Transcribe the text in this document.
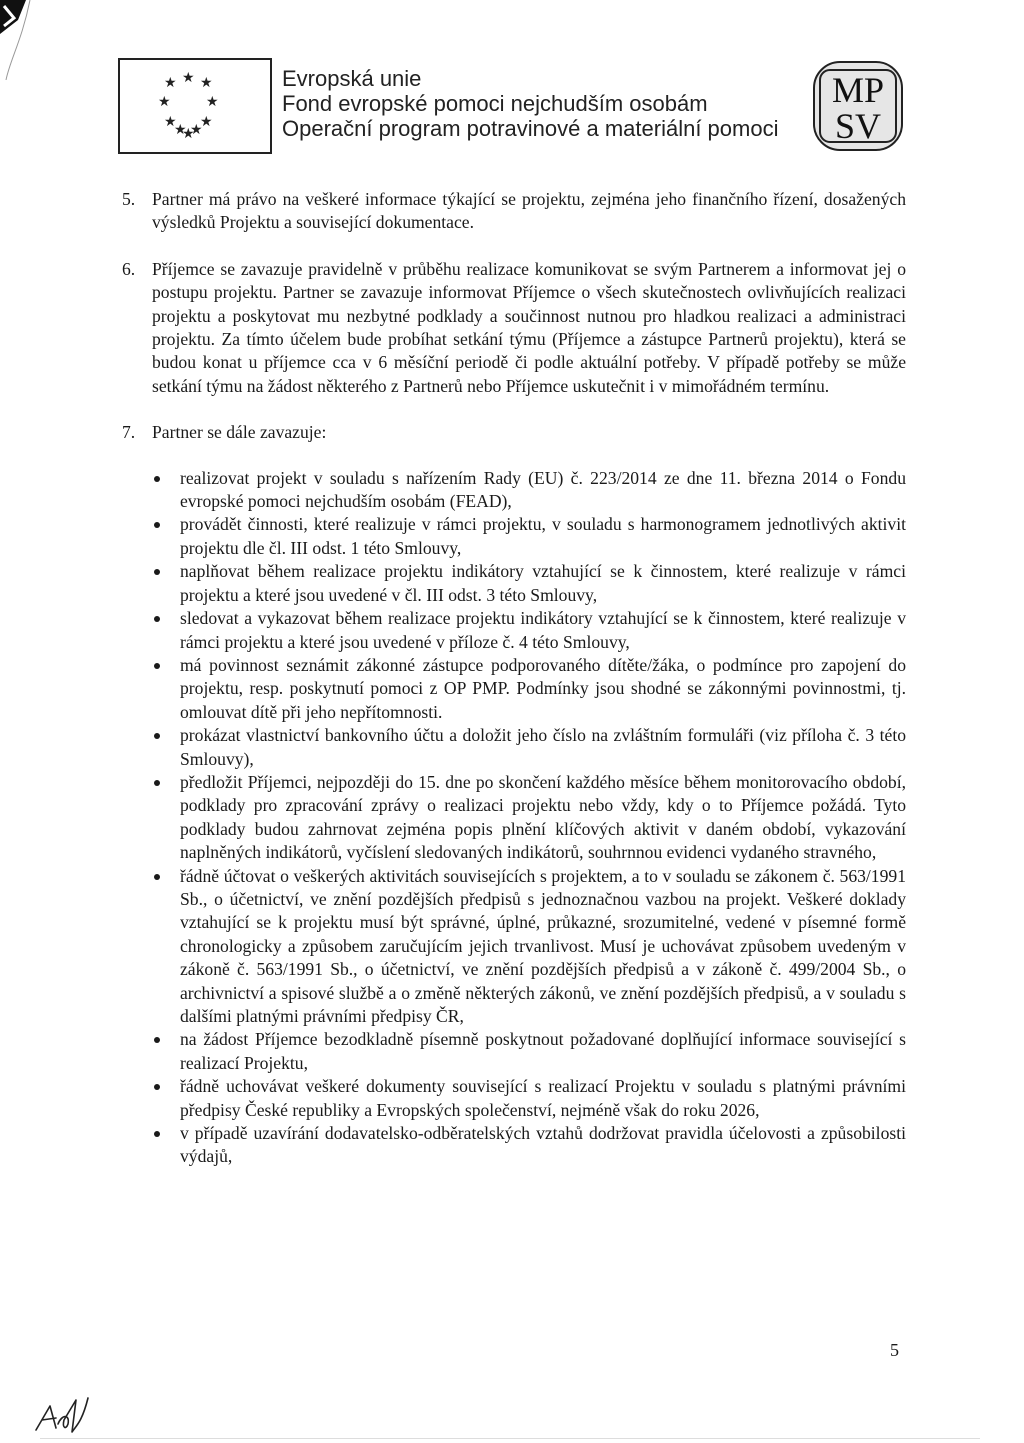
★
★ ★
★	★
★ ★
★ ★
★
Evropská unie
Fond evropské pomoci nejchudším osobám
Operační program potravinové a materiální pomoci
MP
SV
5. Partner má právo na veškeré informace týkající se projektu, zejména jeho finančního řízení, dosažených výsledků Projektu a související dokumentace.

6. Příjemce se zavazuje pravidelně v průběhu realizace komunikovat se svým Partnerem a informovat jej o postupu projektu. Partner se zavazuje informovat Příjemce o všech skutečnostech ovlivňujících realizaci projektu a poskytovat mu nezbytné podklady a součinnost nutnou pro hladkou realizaci a administraci projektu. Za tímto účelem bude probíhat setkání týmu (Příjemce a zástupce Partnerů projektu), která se budou konat u příjemce cca v 6 měsíční periodě či podle aktuální potřeby. V případě potřeby se může setkání týmu na žádost některého z Partnerů nebo Příjemce uskutečnit i v mimořádném termínu.

7. Partner se dále zavazuje:

realizovat projekt v souladu s nařízením Rady (EU) č. 223/2014 ze dne 11. března 2014 o Fondu evropské pomoci nejchudším osobám (FEAD),
provádět činnosti, které realizuje v rámci projektu, v souladu s harmonogramem jednotlivých aktivit projektu dle čl. III odst. 1 této Smlouvy,
naplňovat během realizace projektu indikátory vztahující se k činnostem, které realizuje v rámci projektu a které jsou uvedené v čl. III odst. 3 této Smlouvy,
sledovat a vykazovat během realizace projektu indikátory vztahující se k činnostem, které realizuje v rámci projektu a které jsou uvedené v příloze č. 4 této Smlouvy,
má povinnost seznámit zákonné zástupce podporovaného dítěte/žáka, o podmínce pro zapojení do projektu, resp. poskytnutí pomoci z OP PMP. Podmínky jsou shodné se zákonnými povinnostmi, tj. omlouvat dítě při jeho nepřítomnosti.
prokázat vlastnictví bankovního účtu a doložit jeho číslo na zvláštním formuláři (viz příloha č. 3 této Smlouvy),
předložit Příjemci, nejpozději do 15. dne po skončení každého měsíce během monitorovacího období, podklady pro zpracování zprávy o realizaci projektu nebo vždy, kdy o to Příjemce požádá. Tyto podklady budou zahrnovat zejména popis plnění klíčových aktivit v daném období, vykazování naplněných indikátorů, vyčíslení sledovaných indikátorů, souhrnnou evidenci vydaného stravného,
řádně účtovat o veškerých aktivitách souvisejících s projektem, a to v souladu se zákonem č. 563/1991 Sb., o účetnictví, ve znění pozdějších předpisů s jednoznačnou vazbou na projekt. Veškeré doklady vztahující se k projektu musí být správné, úplné, průkazné, srozumitelné, vedené v písemné formě chronologicky a způsobem zaručujícím jejich trvanlivost. Musí je uchovávat způsobem uvedeným v zákoně č. 563/1991 Sb., o účetnictví, ve znění pozdějších předpisů a v zákoně č. 499/2004 Sb., o archivnictví a spisové službě a o změně některých zákonů, ve znění pozdějších předpisů, a v souladu s dalšími platnými právními předpisy ČR,
na žádost Příjemce bezodkladně písemně poskytnout požadované doplňující informace související s realizací Projektu,
řádně uchovávat veškeré dokumenty související s realizací Projektu v souladu s platnými právními předpisy České republiky a Evropských společenství, nejméně však do roku 2026,
v případě uzavírání dodavatelsko-odběratelských vztahů dodržovat pravidla účelovosti a způsobilosti výdajů,
5
